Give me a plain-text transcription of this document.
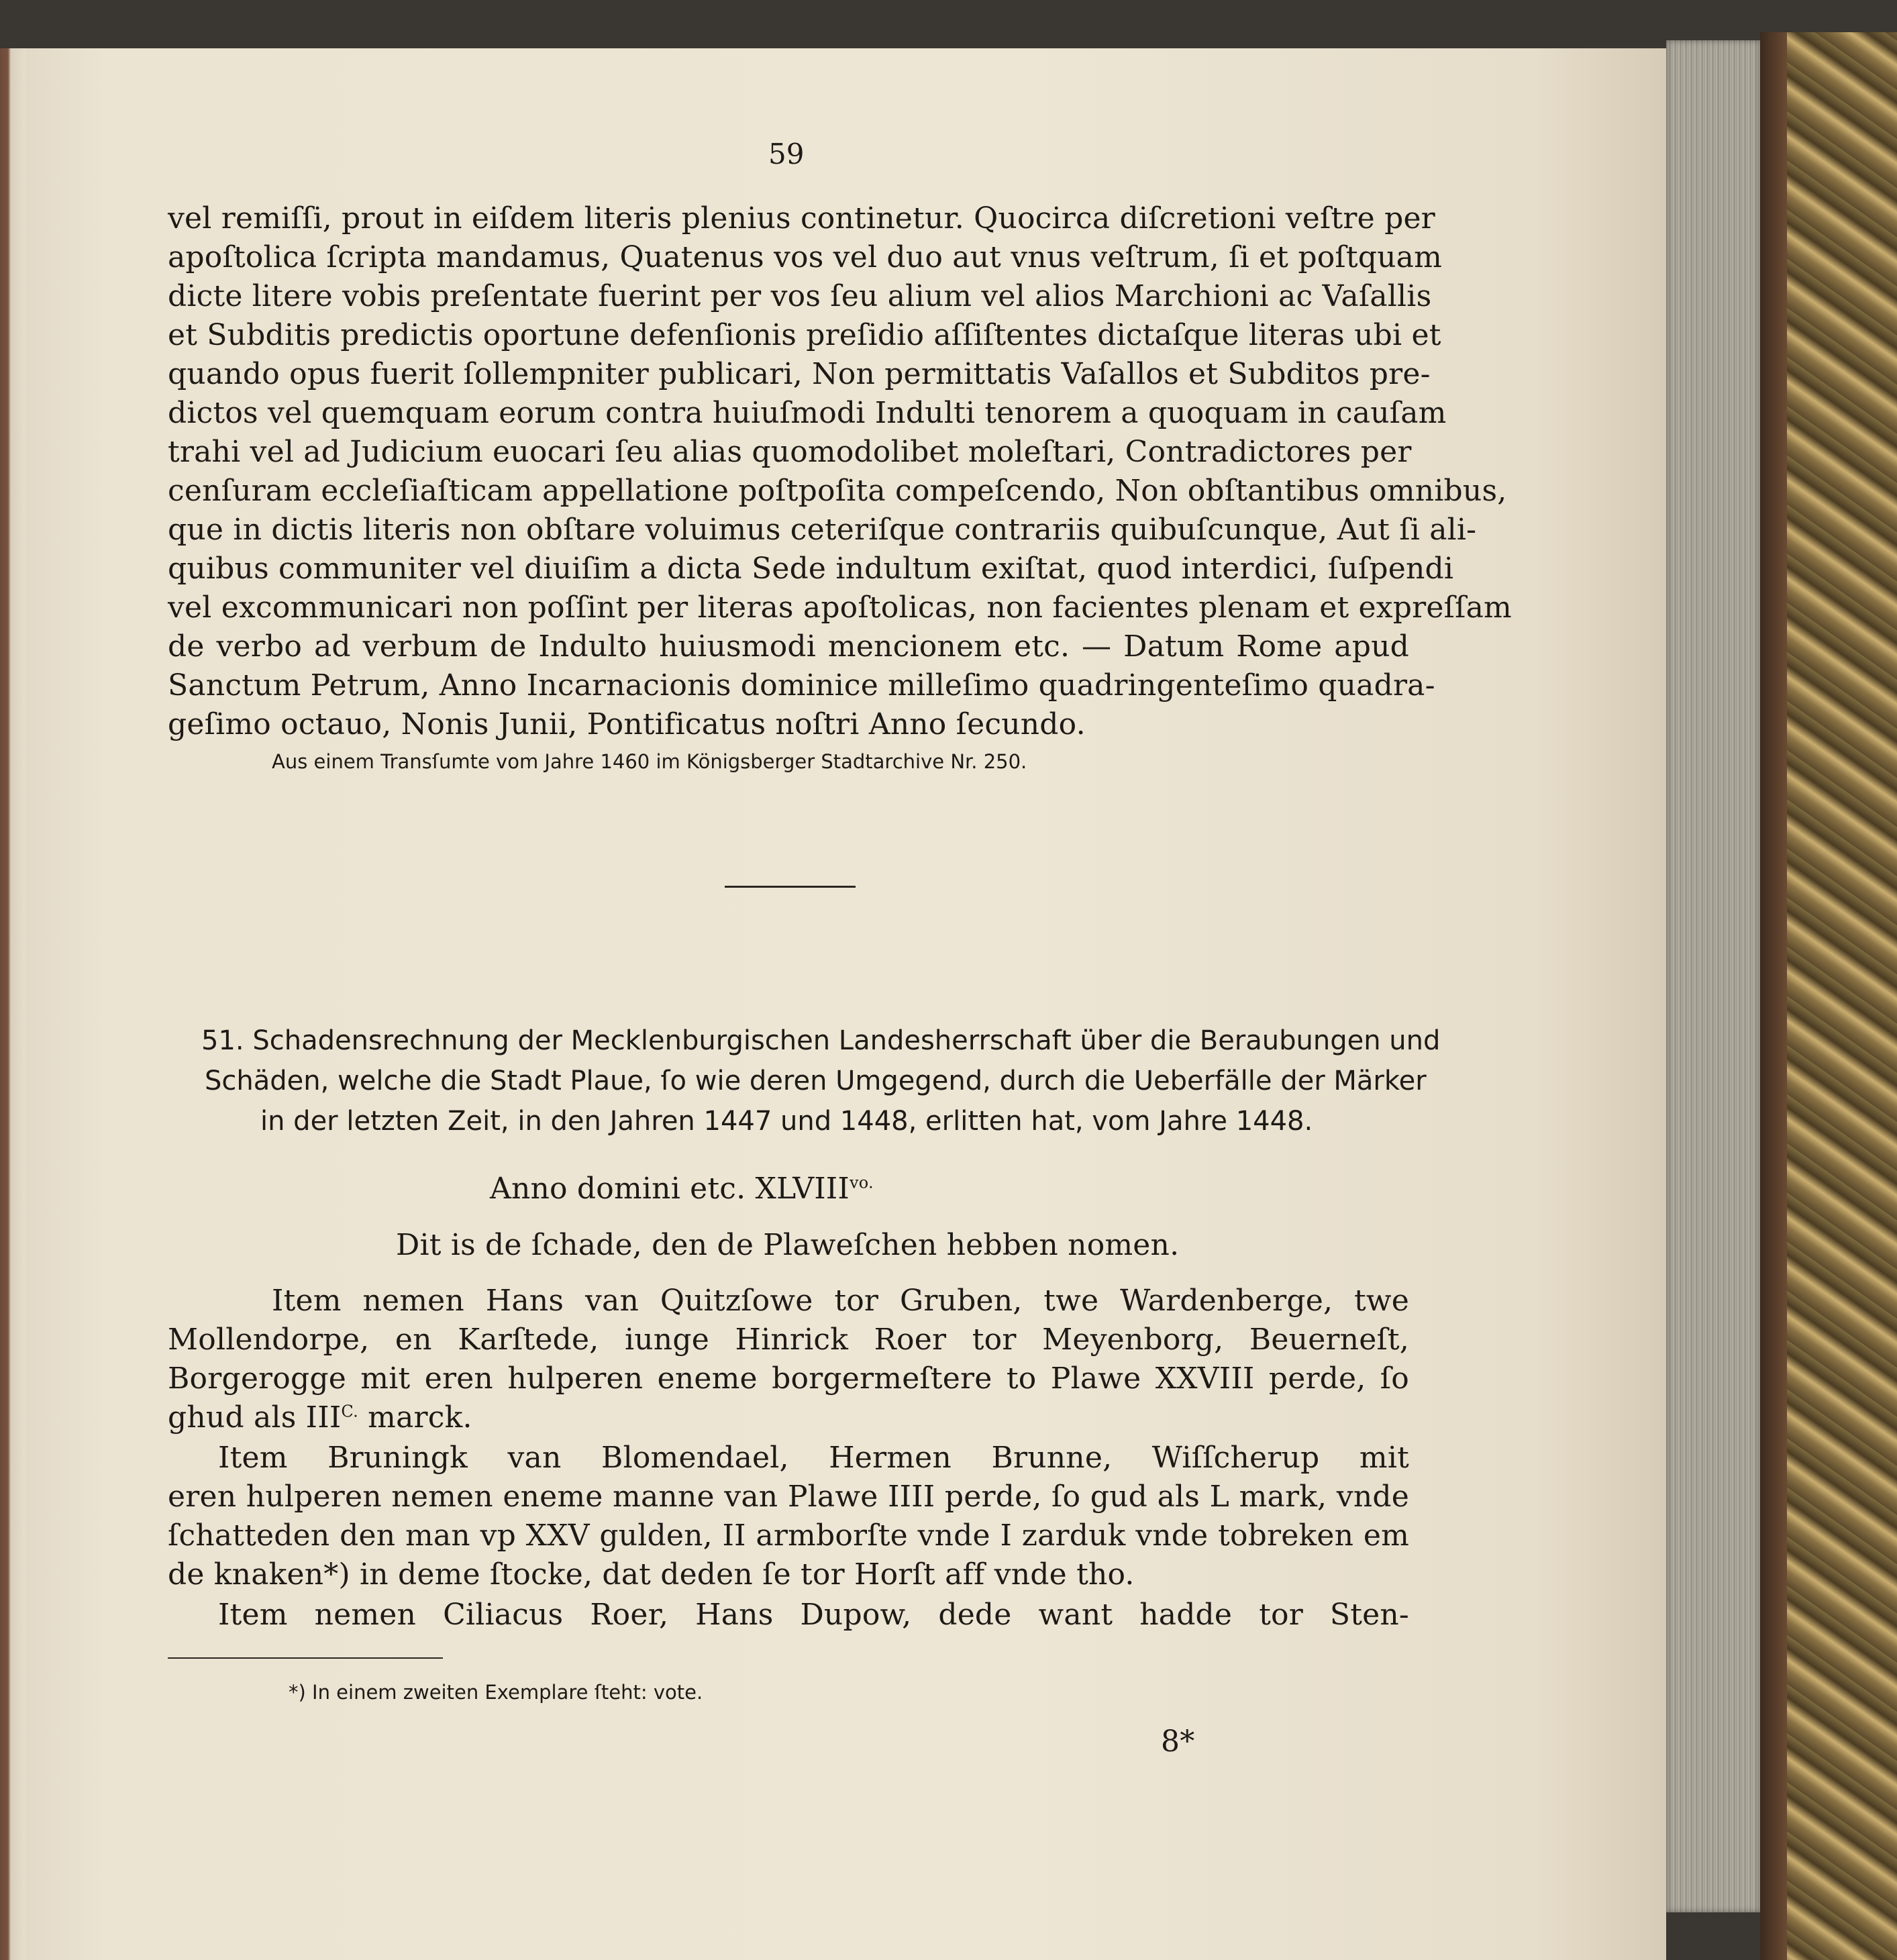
59
vel remiſſi, prout in eiſdem literis plenius continetur. Quocirca diſcretioni veſtre per
apoſtolica ſcripta mandamus, Quatenus vos vel duo aut vnus veſtrum, ſi et poſtquam
dicte litere vobis preſentate fuerint per vos ſeu alium vel alios Marchioni ac Vaſallis
et Subditis predictis oportune defenſionis preſidio aſſiſtentes dictaſque literas ubi et
quando opus fuerit ſollempniter publicari, Non permittatis Vaſallos et Subditos pre-
dictos vel quemquam eorum contra huiuſmodi Indulti tenorem a quoquam in cauſam
trahi vel ad Judicium euocari ſeu alias quomodolibet moleſtari, Contradictores per
cenſuram eccleſiaſticam appellatione poſtpoſita compeſcendo, Non obſtantibus omnibus,
que in dictis literis non obſtare voluimus ceteriſque contrariis quibuſcunque, Aut ſi ali-
quibus communiter vel diuiſim a dicta Sede indultum exiſtat, quod interdici, ſuſpendi
vel excommunicari non poſſint per literas apoſtolicas, non facientes plenam et expreſſam
de verbo ad verbum de Indulto huiusmodi mencionem etc. — Datum Rome apud
Sanctum Petrum, Anno Incarnacionis dominice milleſimo quadringenteſimo quadra-
geſimo octauo, Nonis Junii, Pontificatus noſtri Anno ſecundo.
Aus einem Transſumte vom Jahre 1460 im Königsberger Stadtarchive Nr. 250.
51. Schadensrechnung der Mecklenburgischen Landesherrschaft über die Beraubungen und
Schäden, welche die Stadt Plaue, ſo wie deren Umgegend, durch die Ueberfälle der Märker
in der letzten Zeit, in den Jahren 1447 und 1448, erlitten hat, vom Jahre 1448.
Anno domini etc. $XLVIII^{vo.}$
Dit is de ſchade, den de Plaweſchen hebben nomen.
Item nemen Hans van Quitzſowe tor Gruben, twe Wardenberge, twe
Mollendorpe, en Karſtede, iunge Hinrick Roer tor Meyenborg, Beuerneſt,
Borgerogge mit eren hulperen eneme borgermeſtere to Plawe XXVIII perde, ſo
ghud als $III^{C.}$ marck.
Item Bruningk van Blomendael, Hermen Brunne, Wiſſcherup mit
eren hulperen nemen eneme manne van Plawe IIII perde, ſo gud als L mark, vnde
ſchatteden den man vp XXV gulden, II armborſte vnde I zarduk vnde tobreken em
de knaken*) in deme ſtocke, dat deden ſe tor Horſt aff vnde tho.
Item nemen Ciliacus Roer, Hans Dupow, dede want hadde tor Sten-
*) In einem zweiten Exemplare ſteht: vote.
8*
